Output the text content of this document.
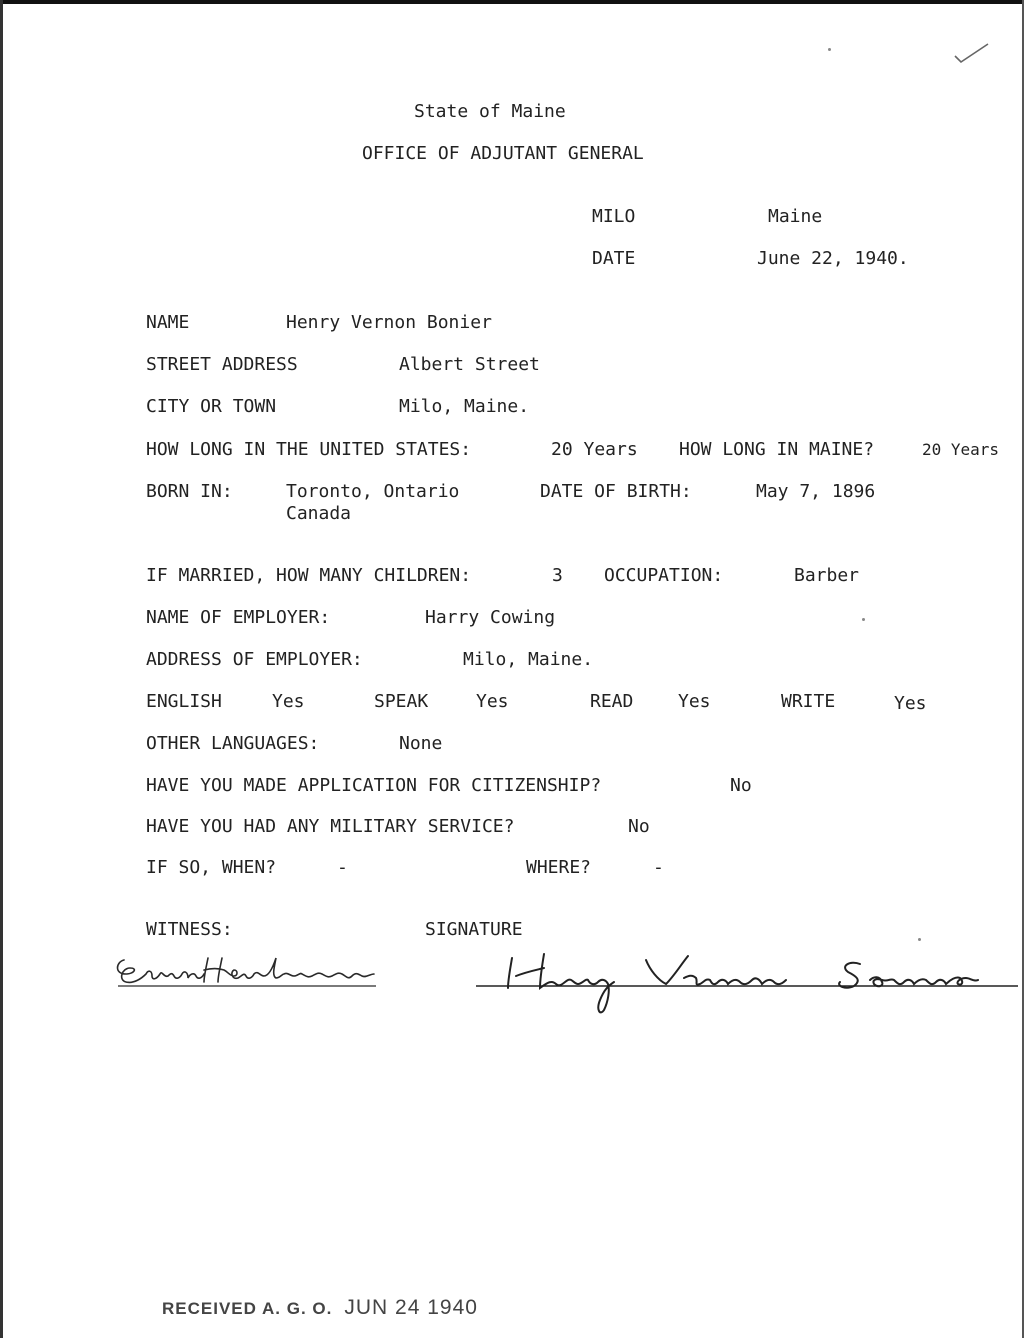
State of Maine
OFFICE OF ADJUTANT GENERAL
MILO	Maine
DATE	June 22, 1940.
NAME	Henry Vernon Bonier
STREET ADDRESS	Albert Street
CITY OR TOWN	Milo, Maine.
HOW LONG IN THE UNITED STATES:	20 Years HOW LONG IN MAINE?	20 Years
BORN IN:	Toronto, Ontario
Canada
DATE OF BIRTH:	May 7, 1896
IF MARRIED, HOW MANY CHILDREN:	3 OCCUPATION:	Barber
NAME OF EMPLOYER:	Harry Cowing
ADDRESS OF EMPLOYER:	Milo, Maine.
ENGLISH	Yes	SPEAK	Yes	READ Yes	WRITE	Yes
OTHER LANGUAGES:	None
HAVE YOU MADE APPLICATION FOR CITIZENSHIP?	No
HAVE YOU HAD ANY MILITARY SERVICE?	No
IF SO, WHEN?	-	WHERE?	-
WITNESS:	SIGNATURE
RECEIVED A. G. O. JUN 24 1940
